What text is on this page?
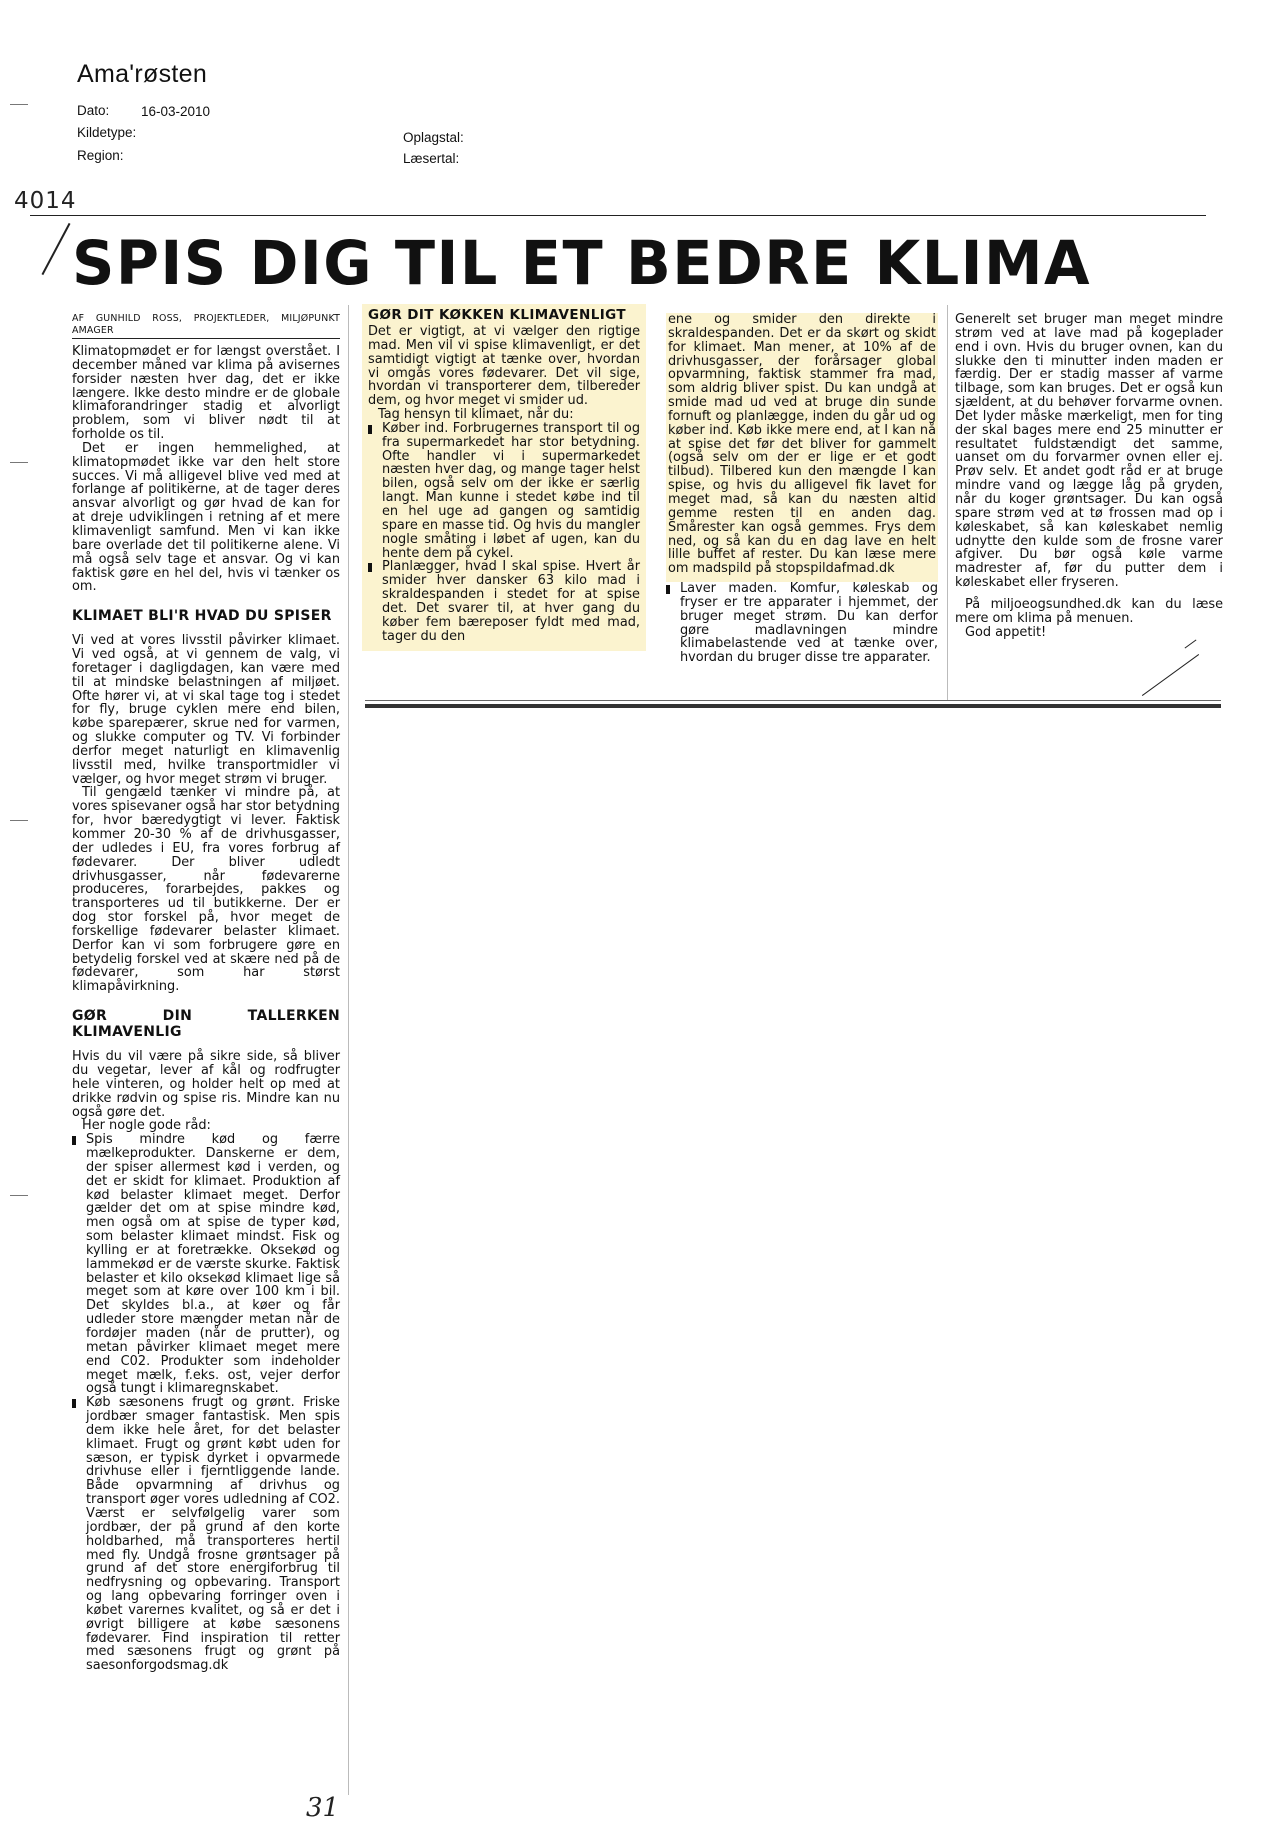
Ama'røsten
Dato: 16-03-2010
Kildetype:
Region:
Oplagstal:
Læsertal:
4014
SPIS DIG TIL ET BEDRE KLIMA
AF GUNHILD ROSS, PROJEKTLEDER, MILJØPUNKT AMAGER

Klimatopmødet er for længst overstået. I december måned var klima på avisernes forsider næsten hver dag, det er ikke længere. Ikke desto mindre er de globale klimaforandringer stadig et alvorligt problem, som vi bliver nødt til at forholde os til.

Det er ingen hemmelighed, at klimatopmødet ikke var den helt store succes. Vi må alligevel blive ved med at forlange af politikerne, at de tager deres ansvar alvorligt og gør hvad de kan for at dreje udviklingen i retning af et mere klimavenligt samfund. Men vi kan ikke bare overlade det til politikerne alene. Vi må også selv tage et ansvar. Og vi kan faktisk gøre en hel del, hvis vi tænker os om.

KLIMAET BLI'R HVAD DU SPISER

Vi ved at vores livsstil påvirker klimaet. Vi ved også, at vi gennem de valg, vi foretager i dagligdagen, kan være med til at mindske belastningen af miljøet. Ofte hører vi, at vi skal tage tog i stedet for fly, bruge cyklen mere end bilen, købe sparepærer, skrue ned for varmen, og slukke computer og TV. Vi forbinder derfor meget naturligt en klimavenlig livsstil med, hvilke transportmidler vi vælger, og hvor meget strøm vi bruger.

Til gengæld tænker vi mindre på, at vores spisevaner også har stor betydning for, hvor bæredygtigt vi lever. Faktisk kommer 20-30 % af de drivhusgasser, der udledes i EU, fra vores forbrug af fødevarer. Der bliver udledt drivhusgasser, når fødevarerne produceres, forarbejdes, pakkes og transporteres ud til butikkerne. Der er dog stor forskel på, hvor meget de forskellige fødevarer belaster klimaet. Derfor kan vi som forbrugere gøre en betydelig forskel ved at skære ned på de fødevarer, som har størst klimapåvirkning.

GØR DIN TALLERKEN KLIMAVENLIG

Hvis du vil være på sikre side, så bliver du vegetar, lever af kål og rodfrugter hele vinteren, og holder helt op med at drikke rødvin og spise ris. Mindre kan nu også gøre det.

Her nogle gode råd:

Spis mindre kød og færre mælkeprodukter. Danskerne er dem, der spiser allermest kød i verden, og det er skidt for klimaet. Produktion af kød belaster klimaet meget. Derfor gælder det om at spise mindre kød, men også om at spise de typer kød, som belaster klimaet mindst. Fisk og kylling er at foretrække. Oksekød og lammekød er de værste skurke. Faktisk belaster et kilo oksekød klimaet lige så meget som at køre over 100 km i bil. Det skyldes bl.a., at køer og får udleder store mængder metan når de fordøjer maden (når de prutter), og metan påvirker klimaet meget mere end C02. Produkter som indeholder meget mælk, f.eks. ost, vejer derfor også tungt i klimaregnskabet.

Køb sæsonens frugt og grønt. Friske jordbær smager fantastisk. Men spis dem ikke hele året, for det belaster klimaet. Frugt og grønt købt uden for sæson, er typisk dyrket i opvarmede drivhuse eller i fjerntliggende lande. Både opvarmning af drivhus og transport øger vores udledning af CO2. Værst er selvfølgelig varer som jordbær, der på grund af den korte holdbarhed, må transporteres hertil med fly. Undgå frosne grøntsager på grund af det store energiforbrug til nedfrysning og opbevaring. Transport og lang opbevaring forringer oven i købet varernes kvalitet, og så er det i øvrigt billigere at købe sæsonens fødevarer. Find inspiration til retter med sæsonens frugt og grønt på saesonforgodsmag.dk

GØR DIT KØKKEN KLIMAVENLIGT

Det er vigtigt, at vi vælger den rigtige mad. Men vil vi spise klimavenligt, er det samtidigt vigtigt at tænke over, hvordan vi omgås vores fødevarer. Det vil sige, hvordan vi transporterer dem, tilbereder dem, og hvor meget vi smider ud.

Tag hensyn til klimaet, når du:

Køber ind. Forbrugernes transport til og fra supermarkedet har stor betydning. Ofte handler vi i supermarkedet næsten hver dag, og mange tager helst bilen, også selv om der ikke er særlig langt. Man kunne i stedet købe ind til en hel uge ad gangen og samtidig spare en masse tid. Og hvis du mangler nogle småting i løbet af ugen, kan du hente dem på cykel.

Planlægger, hvad I skal spise. Hvert år smider hver dansker 63 kilo mad i skraldespanden i stedet for at spise det. Det svarer til, at hver gang du køber fem bæreposer fyldt med mad, tager du den

ene og smider den direkte i skraldespanden. Det er da skørt og skidt for klimaet. Man mener, at 10% af de drivhusgasser, der forårsager global opvarmning, faktisk stammer fra mad, som aldrig bliver spist. Du kan undgå at smide mad ud ved at bruge din sunde fornuft og planlægge, inden du går ud og køber ind. Køb ikke mere end, at I kan nå at spise det før det bliver for gammelt (også selv om der er lige er et godt tilbud). Tilbered kun den mængde I kan spise, og hvis du alligevel fik lavet for meget mad, så kan du næsten altid gemme resten til en anden dag. Smårester kan også gemmes. Frys dem ned, og så kan du en dag lave en helt lille buffet af rester. Du kan læse mere om madspild på stopspildafmad.dk

Laver maden. Komfur, køleskab og fryser er tre apparater i hjemmet, der bruger meget strøm. Du kan derfor gøre madlavningen mindre klimabelastende ved at tænke over, hvordan du bruger disse tre apparater.

Generelt set bruger man meget mindre strøm ved at lave mad på kogeplader end i ovn. Hvis du bruger ovnen, kan du slukke den ti minutter inden maden er færdig. Der er stadig masser af varme tilbage, som kan bruges. Det er også kun sjældent, at du behøver forvarme ovnen. Det lyder måske mærkeligt, men for ting der skal bages mere end 25 minutter er resultatet fuldstændigt det samme, uanset om du forvarmer ovnen eller ej. Prøv selv. Et andet godt råd er at bruge mindre vand og lægge låg på gryden, når du koger grøntsager. Du kan også spare strøm ved at tø frossen mad op i køleskabet, så kan køleskabet nemlig udnytte den kulde som de frosne varer afgiver. Du bør også køle varme madrester af, før du putter dem i køleskabet eller fryseren.

På miljoeogsundhed.dk kan du læse mere om klima på menuen.

God appetit!

31
